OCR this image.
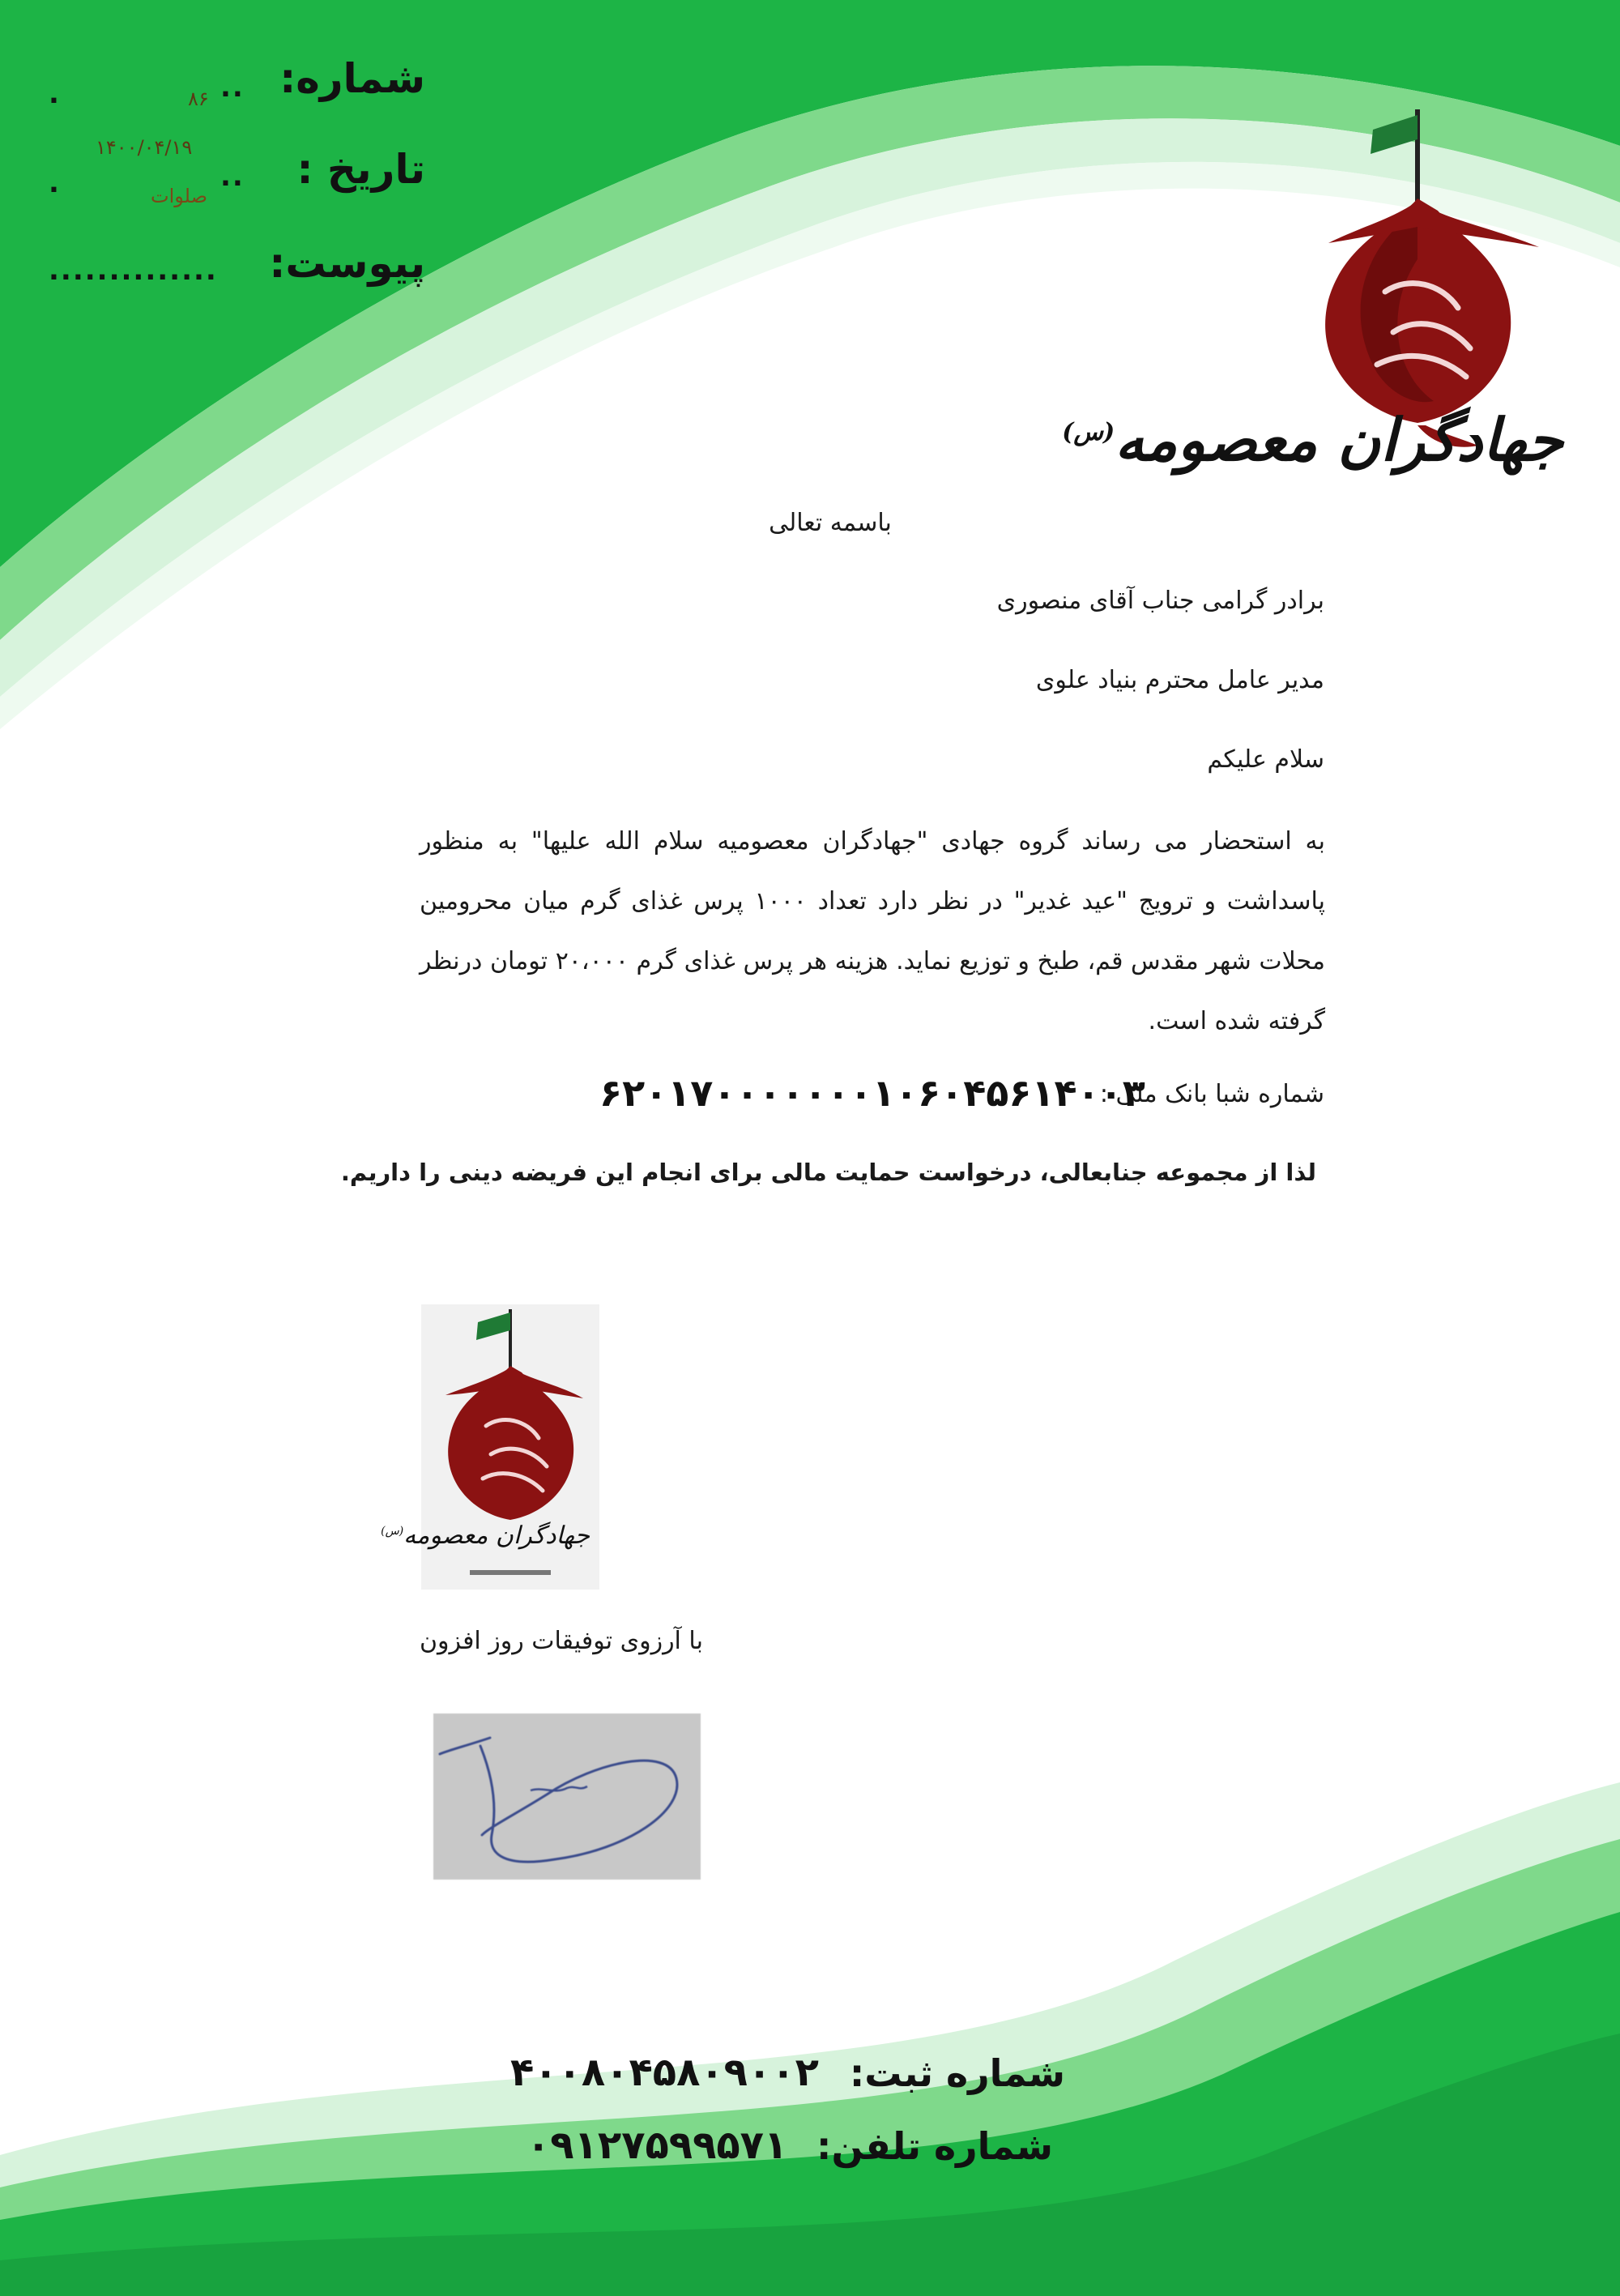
شماره:
.	۸۶ ..
تاریخ :
۱۴۰۰/۰۴/۱۹
.	صلوات
..
پیوست:
..............
جهادگران معصومه$^{(س)}$
باسمه تعالی
برادر گرامی جناب آقای منصوری
مدیر عامل محترم بنیاد علوی
سلام علیکم
به استحضار می رساند گروه جهادی "جهادگران معصومیه سلام الله علیها" به منظور پاسداشت و ترویج "عید غدیر" در نظر دارد تعداد ۱۰۰۰ پرس غذای گرم میان محرومین محلات شهر مقدس قم، طبخ و توزیع نماید. هزینه هر پرس غذای گرم ۲۰،۰۰۰ تومان درنظر گرفته شده است.
شماره شبا بانک ملی :
۶۲۰۱۷۰۰۰۰۰۰۰۱۰۶۰۴۵۶۱۴۰۰۳
لذا از مجموعه جنابعالی، درخواست حمایت مالی برای انجام این فریضه دینی را داریم.
جهادگران معصومه$^{(س)}$
با آرزوی توفیقات روز افزون
شماره ثبت:
۴۰۰۸۰۴۵۸۰۹۰۰۲
شماره تلفن:
۰۹۱۲۷۵۹۹۵۷۱
